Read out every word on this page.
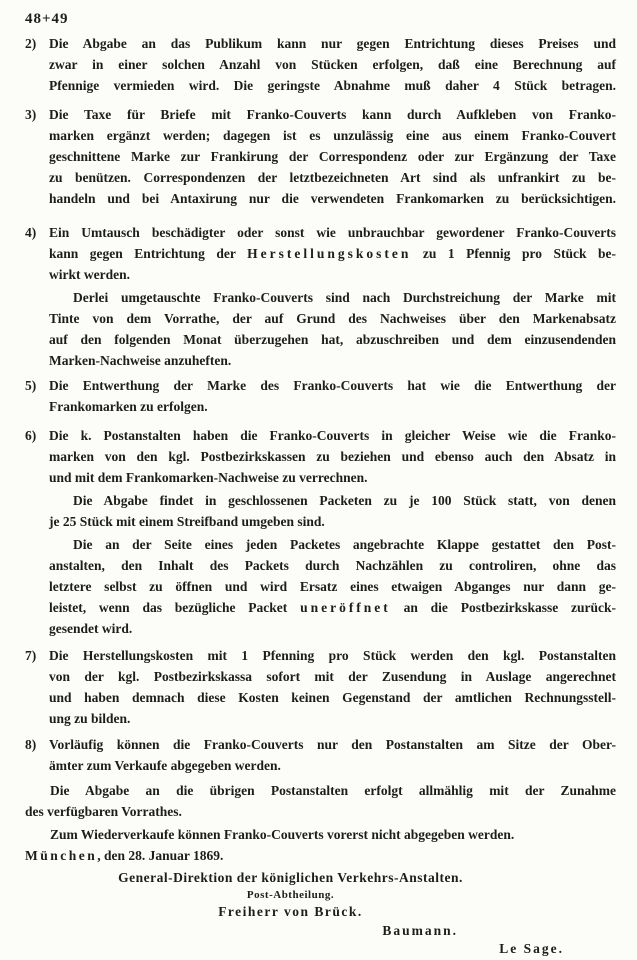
48+49
2) Die Abgabe an das Publikum kann nur gegen Entrichtung dieses Preises und
zwar in einer solchen Anzahl von Stücken erfolgen, daß eine Berechnung auf
Pfennige vermieden wird. Die geringste Abnahme muß daher 4 Stück betragen.
3) Die Taxe für Briefe mit Franko-Couverts kann durch Aufkleben von Franko-
marken ergänzt werden; dagegen ist es unzulässig eine aus einem Franko-Couvert
geschnittene Marke zur Frankirung der Correspondenz oder zur Ergänzung der Taxe
zu benützen. Correspondenzen der letztbezeichneten Art sind als unfrankirt zu be-
handeln und bei Antaxirung nur die verwendeten Frankomarken zu berücksichtigen.
4) Ein Umtausch beschädigter oder sonst wie unbrauchbar gewordener Franko-Couverts
kann gegen Entrichtung der Herstellungskosten zu 1 Pfennig pro Stück be-
wirkt werden.
Derlei umgetauschte Franko-Couverts sind nach Durchstreichung der Marke mit
Tinte von dem Vorrathe, der auf Grund des Nachweises über den Markenabsatz
auf den folgenden Monat überzugehen hat, abzuschreiben und dem einzusendenden
Marken-Nachweise anzuheften.
5) Die Entwerthung der Marke des Franko-Couverts hat wie die Entwerthung der
Frankomarken zu erfolgen.
6) Die k. Postanstalten haben die Franko-Couverts in gleicher Weise wie die Franko-
marken von den kgl. Postbezirkskassen zu beziehen und ebenso auch den Absatz in
und mit dem Frankomarken-Nachweise zu verrechnen.
Die Abgabe findet in geschlossenen Packeten zu je 100 Stück statt, von denen
je 25 Stück mit einem Streifband umgeben sind.
Die an der Seite eines jeden Packetes angebrachte Klappe gestattet den Post-
anstalten, den Inhalt des Packets durch Nachzählen zu controliren, ohne das
letztere selbst zu öffnen und wird Ersatz eines etwaigen Abganges nur dann ge-
leistet, wenn das bezügliche Packet uneröffnet an die Postbezirkskasse zurück-
gesendet wird.
7) Die Herstellungskosten mit 1 Pfenning pro Stück werden den kgl. Postanstalten
von der kgl. Postbezirkskassa sofort mit der Zusendung in Auslage angerechnet
und haben demnach diese Kosten keinen Gegenstand der amtlichen Rechnungsstell-
ung zu bilden.
8) Vorläufig können die Franko-Couverts nur den Postanstalten am Sitze der Ober-
ämter zum Verkaufe abgegeben werden.
Die Abgabe an die übrigen Postanstalten erfolgt allmählig mit der Zunahme
des verfügbaren Vorrathes.
Zum Wiederverkaufe können Franko-Couverts vorerst nicht abgegeben werden.
München, den 28. Januar 1869.
General-Direktion der königlichen Verkehrs-Anstalten.
Post-Abtheilung.
Freiherr von Brück.
Baumann.
Le Sage.
